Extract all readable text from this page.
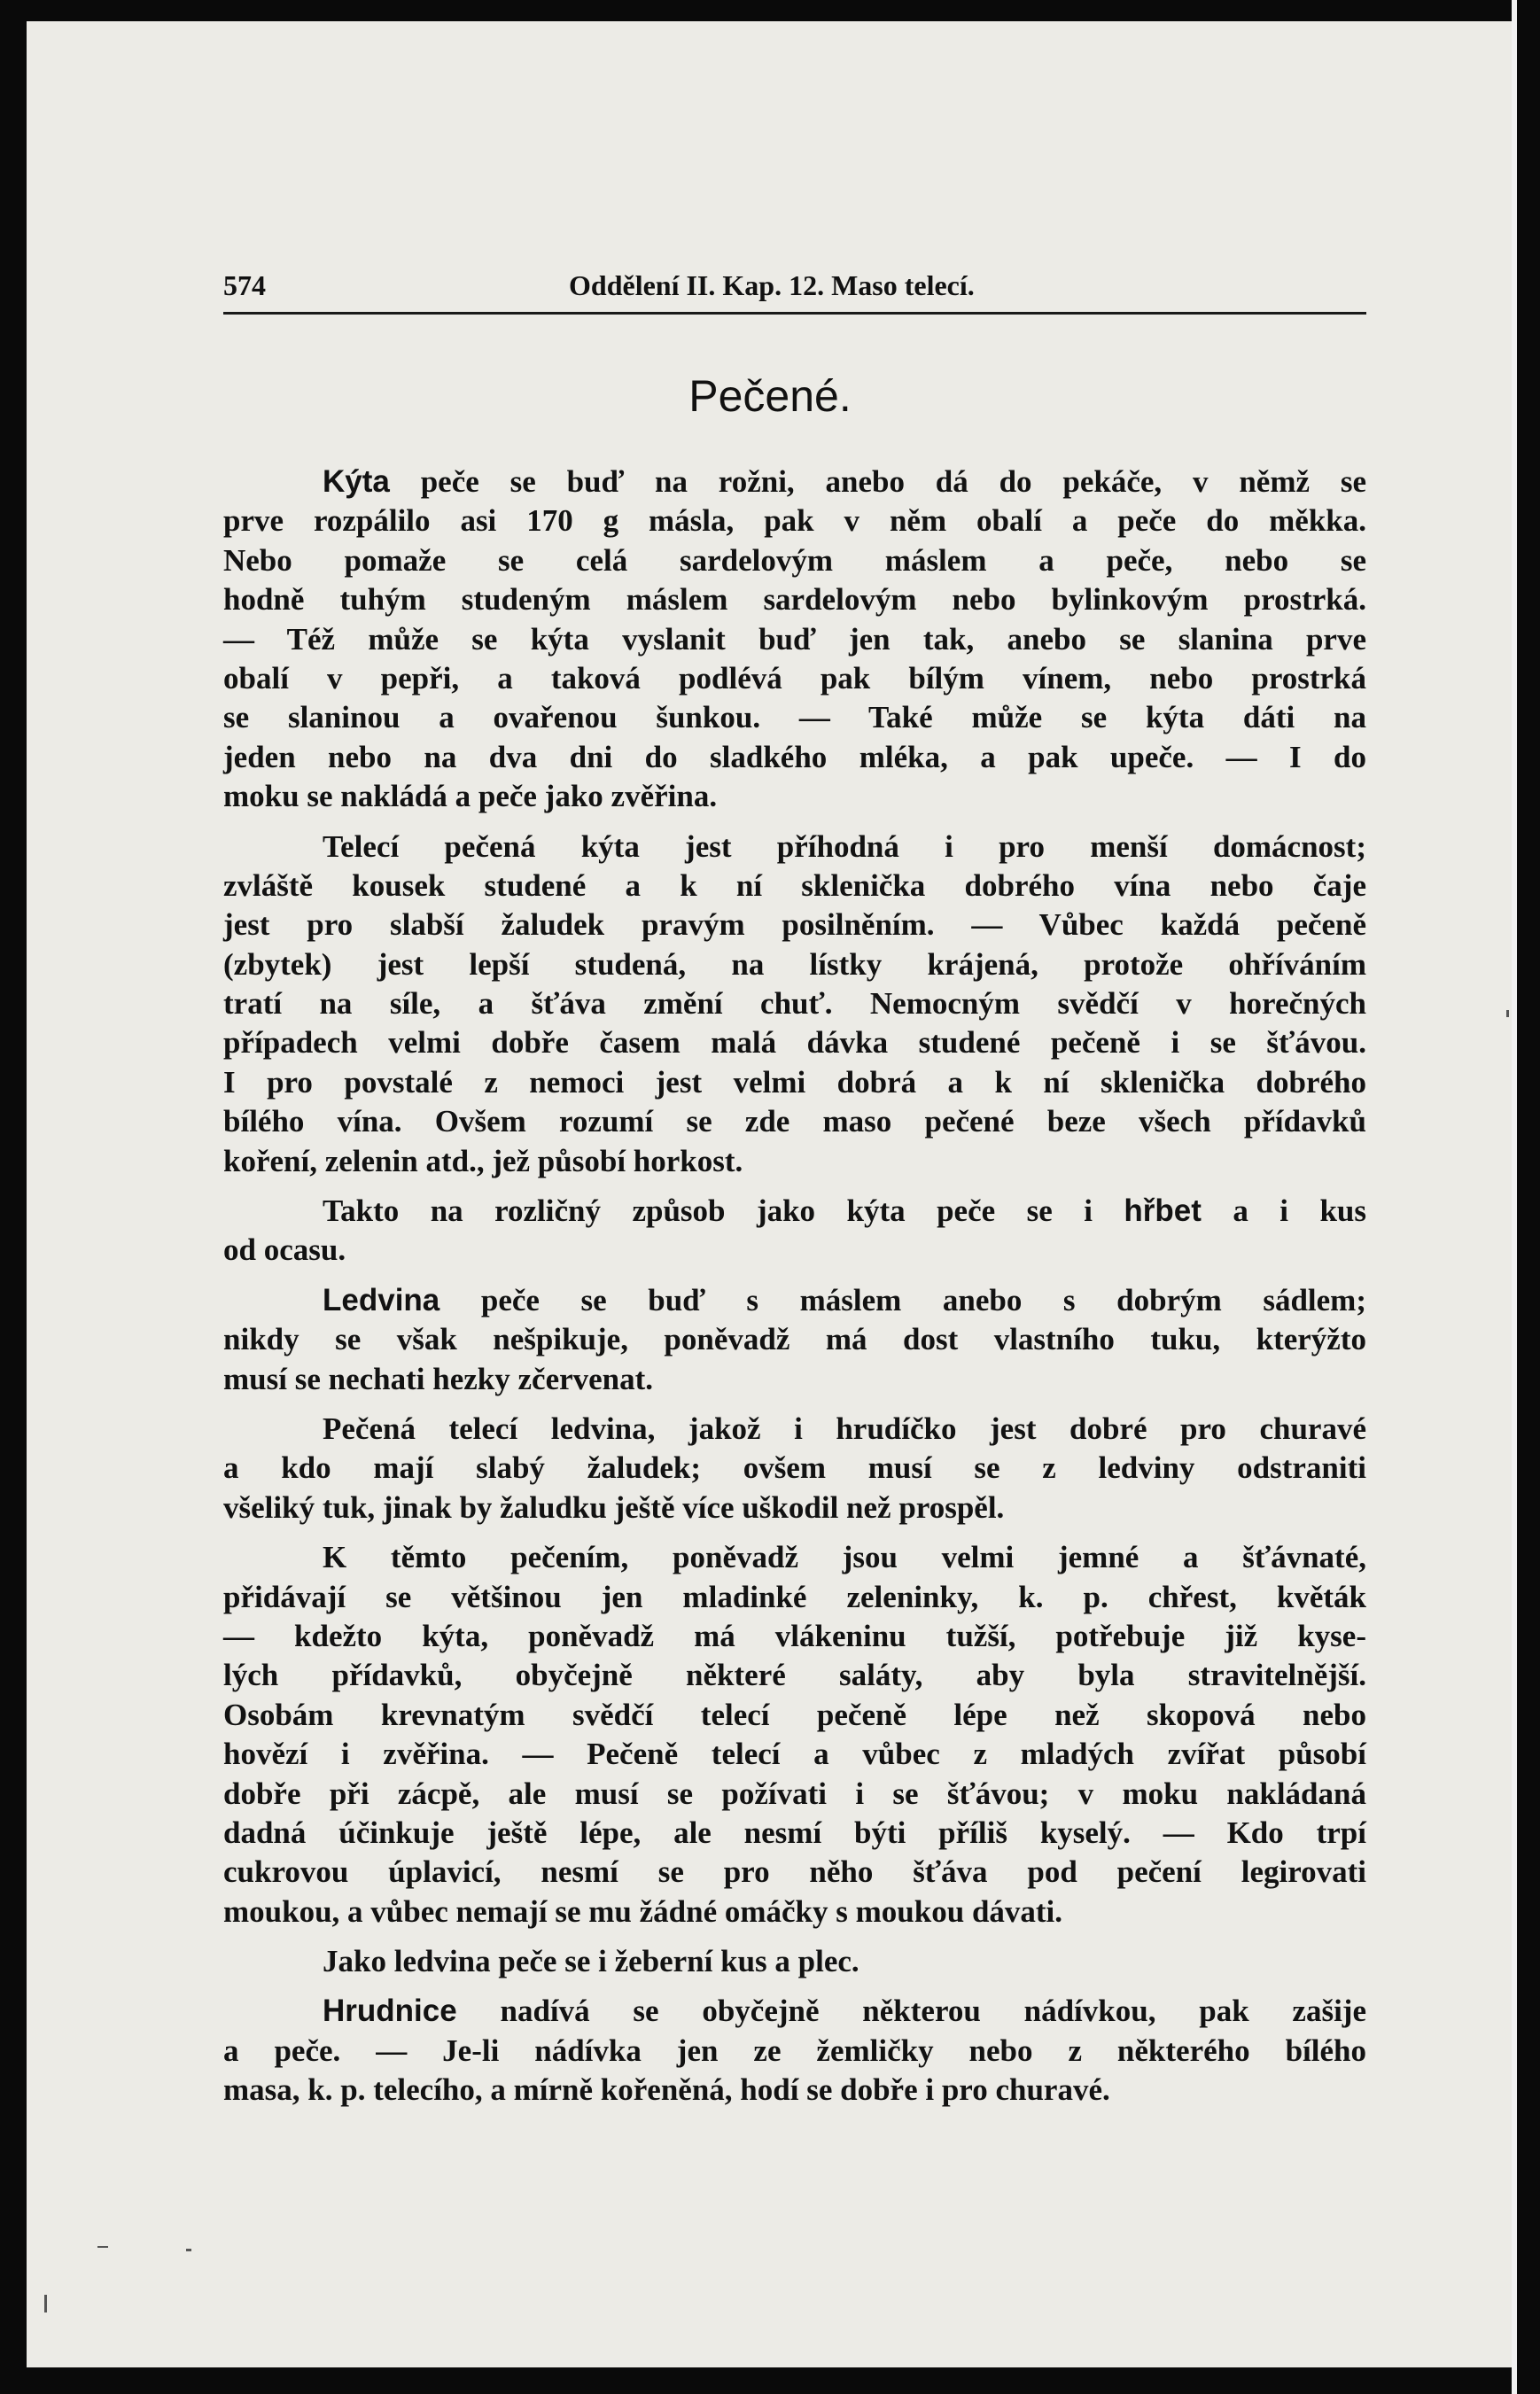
574	Oddělení II. Kap. 12. Maso telecí.
Pečené.
Kýta peče se buď na rožni, anebo dá do pekáče, v němž se
prve rozpálilo asi 170 g másla, pak v něm obalí a peče do měkka.
Nebo pomaže se celá sardelovým máslem a peče, nebo se
hodně tuhým studeným máslem sardelovým nebo bylinkovým prostrká.
— Též může se kýta vyslanit buď jen tak, anebo se slanina prve
obalí v pepři, a taková podlévá pak bílým vínem, nebo prostrká
se slaninou a ovařenou šunkou. — Také může se kýta dáti na
jeden nebo na dva dni do sladkého mléka, a pak upeče. — I do
moku se nakládá a peče jako zvěřina.
Telecí pečená kýta jest příhodná i pro menší domácnost;
zvláště kousek studené a k ní sklenička dobrého vína nebo čaje
jest pro slabší žaludek pravým posilněním. — Vůbec každá pečeně
(zbytek) jest lepší studená, na lístky krájená, protože ohříváním
tratí na síle, a šťáva změní chuť. Nemocným svědčí v horečných
případech velmi dobře časem malá dávka studené pečeně i se šťávou.
I pro povstalé z nemoci jest velmi dobrá a k ní sklenička dobrého
bílého vína. Ovšem rozumí se zde maso pečené beze všech přídavků
koření, zelenin atd., jež působí horkost.
Takto na rozličný způsob jako kýta peče se i hřbet a i kus
od ocasu.
Ledvina peče se buď s máslem anebo s dobrým sádlem;
nikdy se však nešpikuje, poněvadž má dost vlastního tuku, kterýžto
musí se nechati hezky zčervenat.
Pečená telecí ledvina, jakož i hrudíčko jest dobré pro churavé
a kdo mají slabý žaludek; ovšem musí se z ledviny odstraniti
všeliký tuk, jinak by žaludku ještě více uškodil než prospěl.
K těmto pečením, poněvadž jsou velmi jemné a šťávnaté,
přidávají se většinou jen mladinké zeleninky, k. p. chřest, květák
— kdežto kýta, poněvadž má vlákeninu tužší, potřebuje již kyse-
lých přídavků, obyčejně některé saláty, aby byla stravitelnější.
Osobám krevnatým svědčí telecí pečeně lépe než skopová nebo
hovězí i zvěřina. — Pečeně telecí a vůbec z mladých zvířat působí
dobře při zácpě, ale musí se požívati i se šťávou; v moku nakládaná
dadná účinkuje ještě lépe, ale nesmí býti příliš kyselý. — Kdo trpí
cukrovou úplavicí, nesmí se pro něho šťáva pod pečení legirovati
moukou, a vůbec nemají se mu žádné omáčky s moukou dávati.
Jako ledvina peče se i žeberní kus a plec.
Hrudnice nadívá se obyčejně některou nádívkou, pak zašije
a peče. — Je-li nádívka jen ze žemličky nebo z některého bílého
masa, k. p. telecího, a mírně kořeněná, hodí se dobře i pro churavé.
